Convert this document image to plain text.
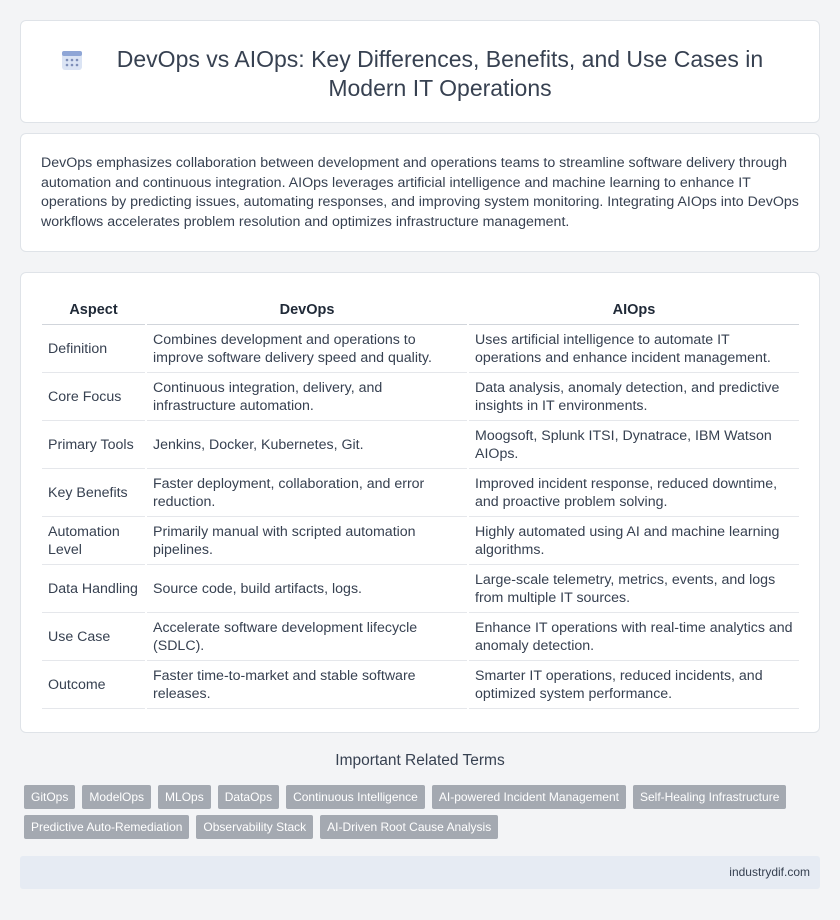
DevOps vs AIOps: Key Differences, Benefits, and Use Cases in Modern IT Operations

DevOps emphasizes collaboration between development and operations teams to streamline software delivery through automation and continuous integration. AIOps leverages artificial intelligence and machine learning to enhance IT operations by predicting issues, automating responses, and improving system monitoring. Integrating AIOps into DevOps workflows accelerates problem resolution and optimizes infrastructure management.

Aspect	DevOps	AIOps
Definition	Combines development and operations to improve software delivery speed and quality.	Uses artificial intelligence to automate IT operations and enhance incident management.
Core Focus	Continuous integration, delivery, and infrastructure automation.	Data analysis, anomaly detection, and predictive insights in IT environments.
Primary Tools	Jenkins, Docker, Kubernetes, Git.	Moogsoft, Splunk ITSI, Dynatrace, IBM Watson AIOps.
Key Benefits	Faster deployment, collaboration, and error reduction.	Improved incident response, reduced downtime, and proactive problem solving.
Automation Level	Primarily manual with scripted automation pipelines.	Highly automated using AI and machine learning algorithms.
Data Handling	Source code, build artifacts, logs.	Large-scale telemetry, metrics, events, and logs from multiple IT sources.
Use Case	Accelerate software development lifecycle (SDLC).	Enhance IT operations with real-time analytics and anomaly detection.
Outcome	Faster time-to-market and stable software releases.	Smarter IT operations, reduced incidents, and optimized system performance.
Important Related Terms
GitOps	ModelOps	MLOps	DataOps	Continuous Intelligence	AI-powered Incident Management	Self-Healing Infrastructure
Predictive Auto-Remediation	Observability Stack	AI-Driven Root Cause Analysis
industrydif.com
